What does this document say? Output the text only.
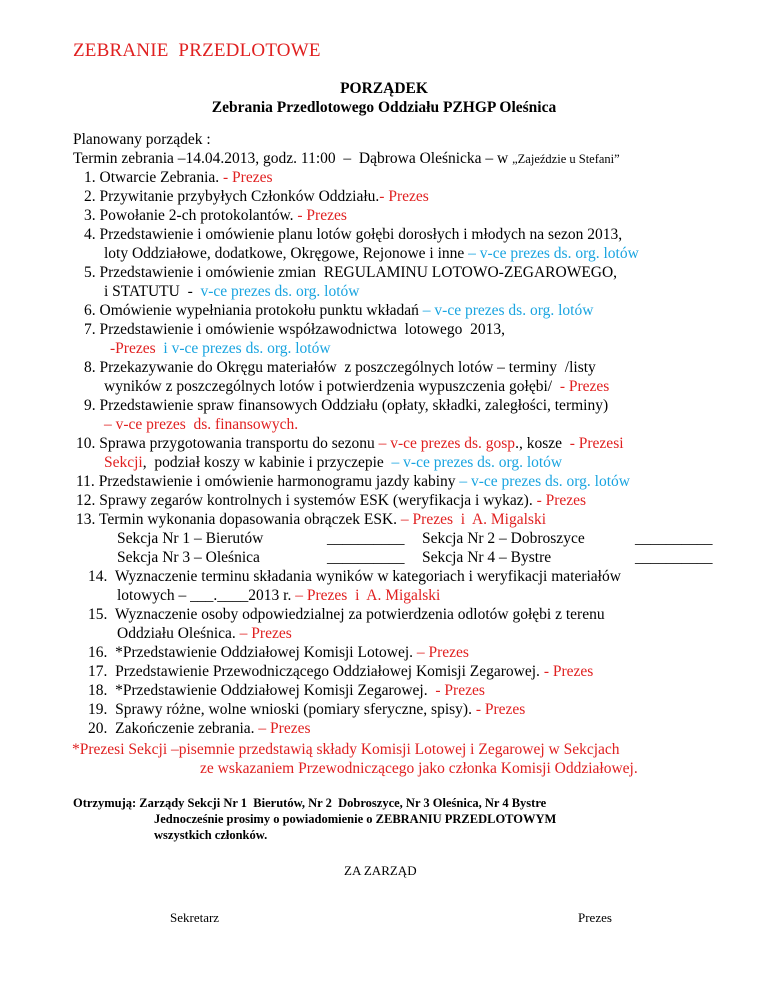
ZEBRANIE  PRZEDLOTOWE
PORZĄDEK
Zebrania Przedlotowego Oddziału PZHGP Oleśnica
Planowany porządek :
Termin zebrania –14.04.2013, godz. 11:00  –  Dąbrowa Oleśnicka – w „Zajeździe u Stefani”
1. Otwarcie Zebrania. - Prezes
2. Przywitanie przybyłych Członków Oddziału.- Prezes
3. Powołanie 2-ch protokolantów. - Prezes
4. Przedstawienie i omówienie planu lotów gołębi dorosłych i młodych na sezon 2013,
loty Oddziałowe, dodatkowe, Okręgowe, Rejonowe i inne – v-ce prezes ds. org. lotów
5. Przedstawienie i omówienie zmian  REGULAMINU LOTOWO-ZEGAROWEGO,
i STATUTU  -  v-ce prezes ds. org. lotów
6. Omówienie wypełniania protokołu punktu wkładań – v-ce prezes ds. org. lotów
7. Przedstawienie i omówienie współzawodnictwa  lotowego  2013,
-Prezes  i v-ce prezes ds. org. lotów
8. Przekazywanie do Okręgu materiałów  z poszczególnych lotów – terminy  /listy
wyników z poszczególnych lotów i potwierdzenia wypuszczenia gołębi/  - Prezes
9. Przedstawienie spraw finansowych Oddziału (opłaty, składki, zaległości, terminy)
– v-ce prezes  ds. finansowych.
10. Sprawa przygotowania transportu do sezonu – v-ce prezes ds. gosp., kosze  - Prezesi
Sekcji,  podział koszy w kabinie i przyczepie  – v-ce prezes ds. org. lotów
11. Przedstawienie i omówienie harmonogramu jazdy kabiny – v-ce prezes ds. org. lotów
12. Sprawy zegarów kontrolnych i systemów ESK (weryfikacja i wykaz). - Prezes
13. Termin wykonania dopasowania obrączek ESK. – Prezes  i  A. Migalski
Sekcja Nr 1 – Bierutów	__________ Sekcja Nr 2 – Dobroszyce	__________
Sekcja Nr 3 – Oleśnica	__________ Sekcja Nr 4 – Bystre	__________
14. Wyznaczenie terminu składania wyników w kategoriach i weryfikacji materiałów
lotowych – ___.____2013 r. – Prezes  i  A. Migalski
15. Wyznaczenie osoby odpowiedzialnej za potwierdzenia odlotów gołębi z terenu
Oddziału Oleśnica. – Prezes
16. *Przedstawienie Oddziałowej Komisji Lotowej. – Prezes
17. Przedstawienie Przewodniczącego Oddziałowej Komisji Zegarowej. - Prezes
18. *Przedstawienie Oddziałowej Komisji Zegarowej.  - Prezes
19. Sprawy różne, wolne wnioski (pomiary sferyczne, spisy). - Prezes
20. Zakończenie zebrania. – Prezes
*Prezesi Sekcji –pisemnie przedstawią składy Komisji Lotowej i Zegarowej w Sekcjach
ze wskazaniem Przewodniczącego jako członka Komisji Oddziałowej.
Otrzymują: Zarządy Sekcji Nr 1  Bierutów, Nr 2  Dobroszyce, Nr 3 Oleśnica, Nr 4 Bystre
Jednocześnie prosimy o powiadomienie o ZEBRANIU PRZEDLOTOWYM
wszystkich członków.
ZA ZARZĄD
Sekretarz	Prezes
